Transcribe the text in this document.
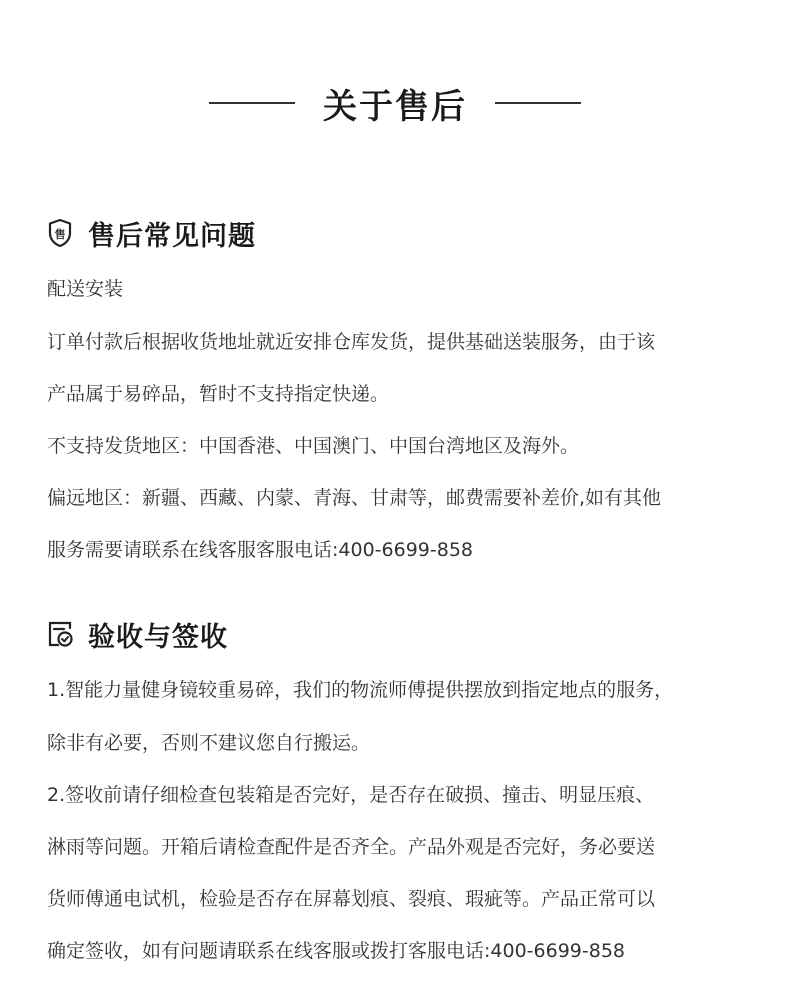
关于售后
售 售后常见问题
配送安装
订单付款后根据收货地址就近安排仓库发货，提供基础送装服务，由于该
产品属于易碎品，暂时不支持指定快递。
不支持发货地区：中国香港、中国澳门、中国台湾地区及海外。
偏远地区：新疆、西藏、内蒙、青海、甘肃等，邮费需要补差价,如有其他
服务需要请联系在线客服客服电话:400-6699-858
验收与签收
1.智能力量健身镜较重易碎，我们的物流师傅提供摆放到指定地点的服务，
除非有必要，否则不建议您自行搬运。
2.签收前请仔细检查包装箱是否完好，是否存在破损、撞击、明显压痕、
淋雨等问题。开箱后请检查配件是否齐全。产品外观是否完好，务必要送
货师傅通电试机，检验是否存在屏幕划痕、裂痕、瑕疵等。产品正常可以
确定签收，如有问题请联系在线客服或拨打客服电话:400-6699-858
